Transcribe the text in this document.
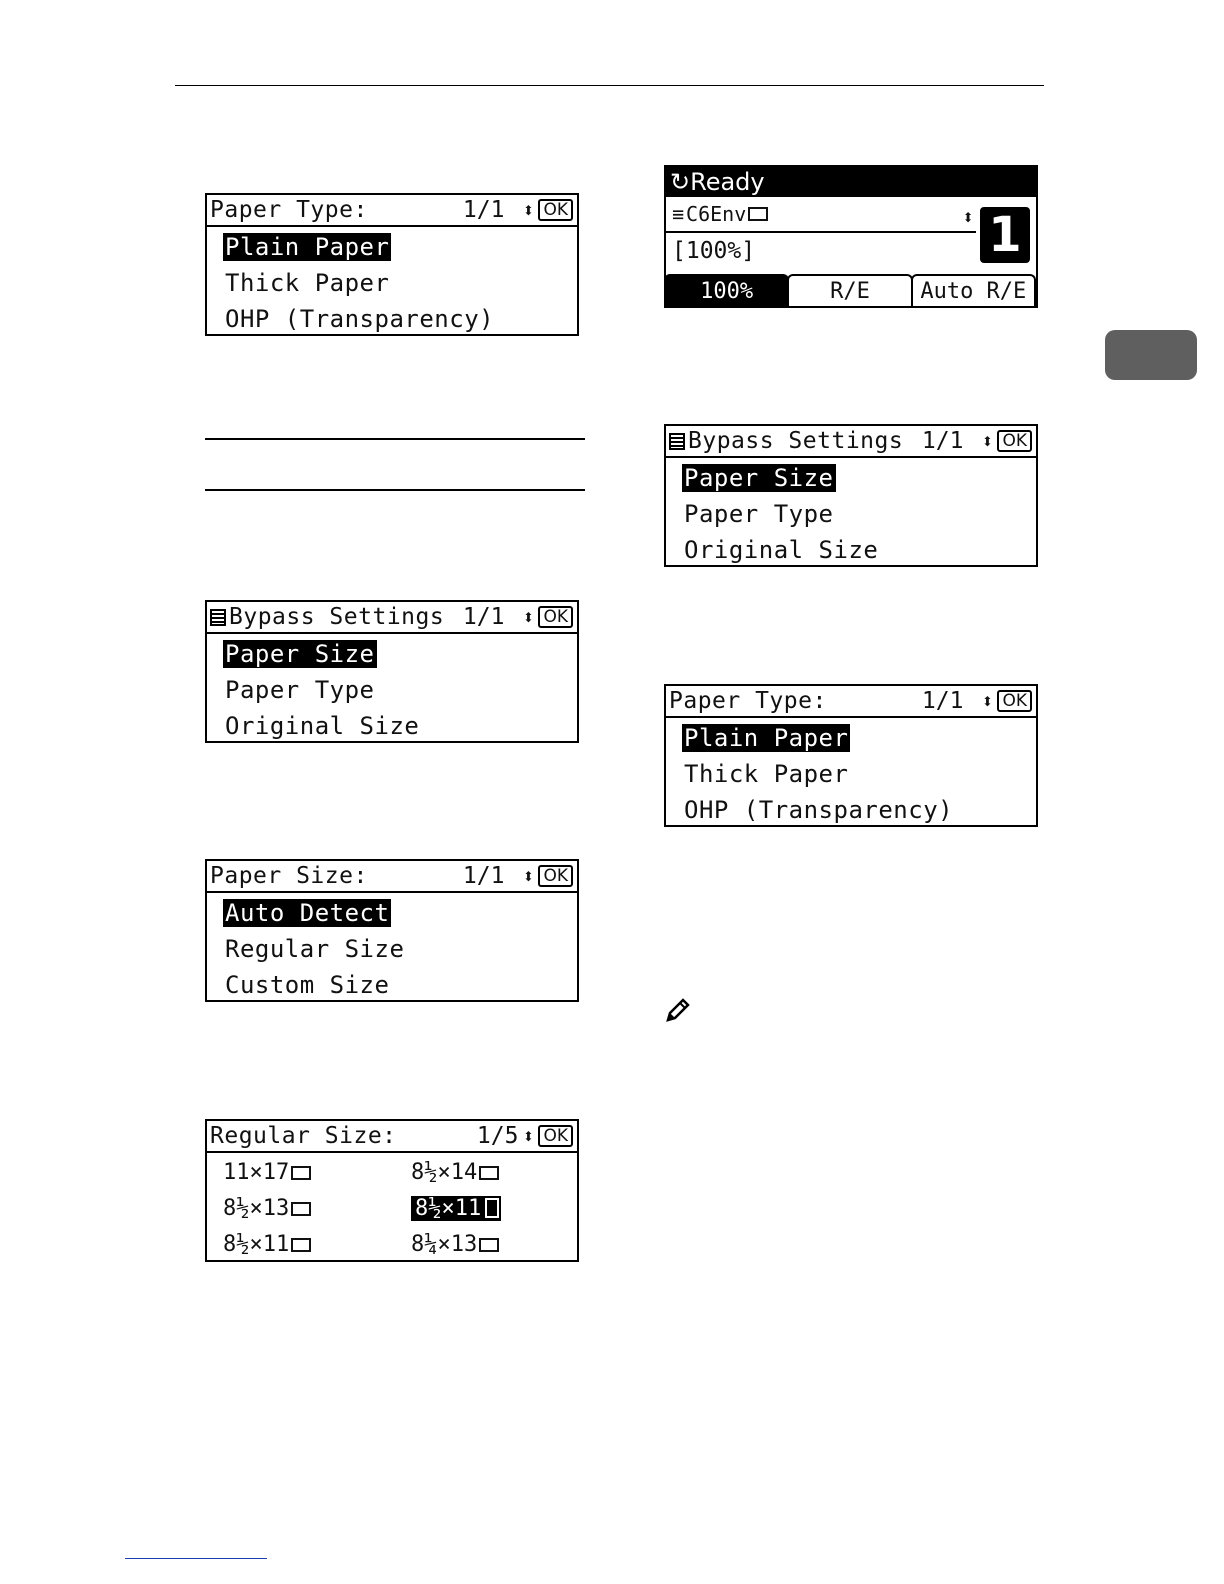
Paper Type:	1/1 ⬍ OK
Plain Paper
Thick Paper
OHP (Transparency)
Bypass Settings 1/1 ⬍ OK
Paper Size
Paper Type
Original Size
Paper Size:	1/1 ⬍ OK
Auto Detect
Regular Size
Custom Size
Regular Size:	1/5 ⬍ OK
11×17	8½×14
8½×13	8½×11
8½×11	8¼×13
↻Ready
≡ C6Env
[100%]
⬍ 1
100%	R/E	Auto R/E
Bypass Settings 1/1 ⬍ OK
Paper Size
Paper Type
Original Size
Paper Type:	1/1 ⬍ OK
Plain Paper
Thick Paper
OHP (Transparency)
